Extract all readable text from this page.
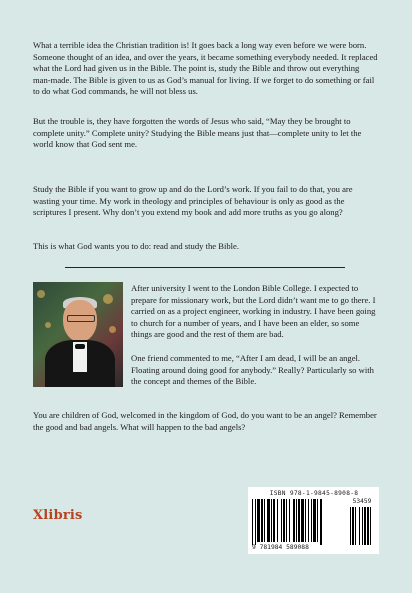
What a terrible idea the Christian tradition is! It goes back a long way even before we were born. Someone thought of an idea, and over the years, it became something everybody needed. It replaced what the Lord had given us in the Bible. The point is, study the Bible and throw out everything man-made. The Bible is given to us as God’s manual for living. If we forget to do something or fail to do what God commands, he will not bless us.

But the trouble is, they have forgotten the words of Jesus who said, “May they be brought to complete unity.” Complete unity? Studying the Bible means just that—complete unity to let the world know that God sent me.

Study the Bible if you want to grow up and do the Lord’s work. If you fail to do that, you are wasting your time. My work in theology and principles of behaviour is only as good as the scriptures I present. Why don’t you extend my book and add more truths as you go along?

This is what God wants you to do: read and study the Bible.

After university I went to the London Bible College. I expected to prepare for missionary work, but the Lord didn’t want me to go there. I carried on as a project engineer, working in industry. I have been going to church for a number of years, and I have been an elder, so some things are good and the rest of them are bad.

One friend commented to me, “After I am dead, I will be an angel. Floating around doing good for anybody.” Really? Particularly so with the concept and themes of the Bible.

You are children of God, welcomed in the kingdom of God, do you want to be an angel? Remember the good and bad angels. What will happen to the bad angels?

Xlibris
ISBN 978-1-9845-8908-8
9 781984 589088
53459
